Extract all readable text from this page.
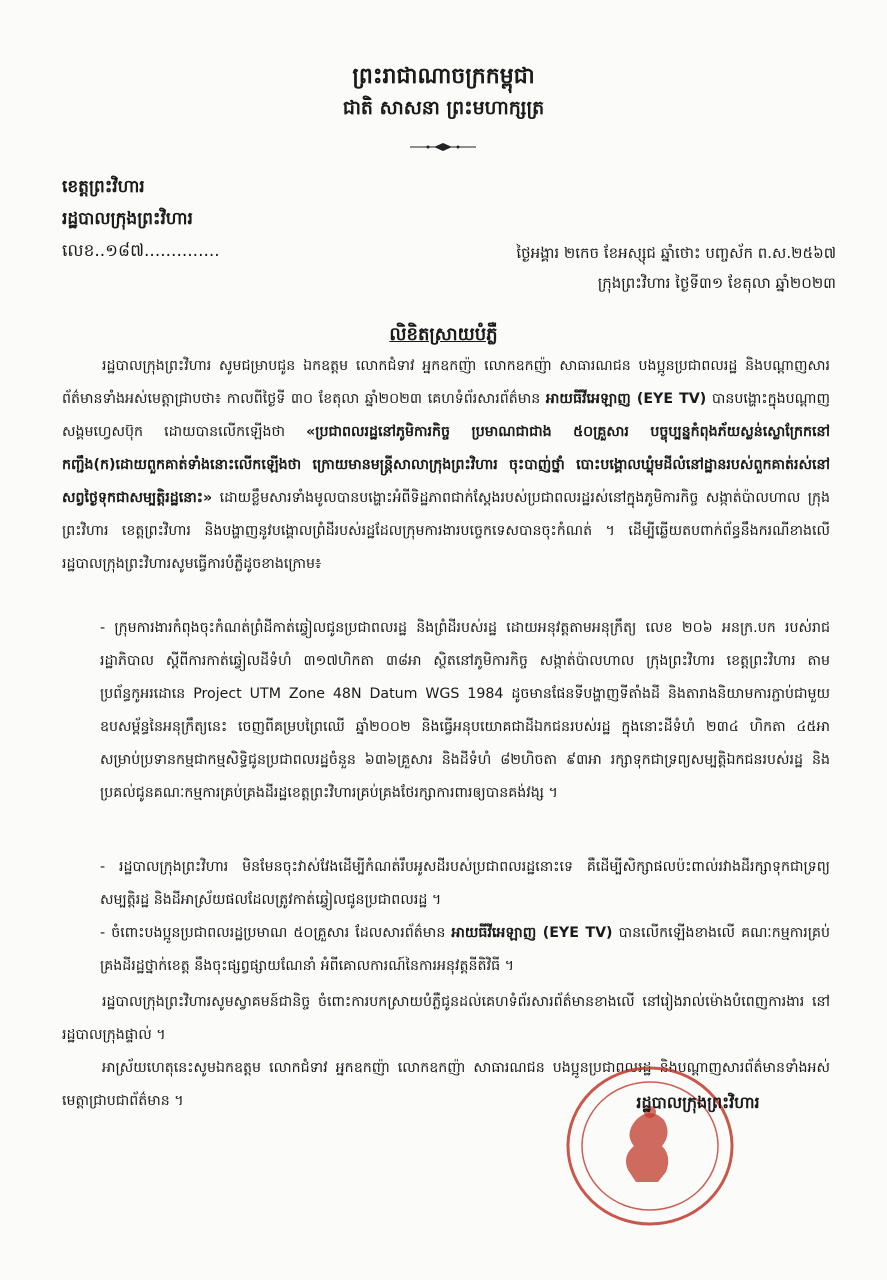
ព្រះរាជាណាចក្រកម្ពុជា
ជាតិ សាសនា ព្រះមហាក្សត្រ
ខេត្តព្រះវិហារ
រដ្ឋបាលក្រុងព្រះវិហារ
លេខ..១៨៧..............	ថ្ងៃអង្គារ ២កេច ខែអស្សុជ ឆ្នាំថោះ បញ្ចស័ក ព.ស.២៥៦៧
ក្រុងព្រះវិហារ ថ្ងៃទី៣១ ខែតុលា ឆ្នាំ២០២៣
លិខិតស្រាយបំភ្លឺ
រដ្ឋបាលក្រុងព្រះវិហារ សូមជម្រាបជូន ឯកឧត្តម លោកជំទាវ អ្នកឧកញ៉ា លោកឧកញ៉ា សាធារណជន បងប្អូនប្រជាពលរដ្ឋ និងបណ្តាញសារព័ត៌មានទាំងអស់មេត្តាជ្រាបថា៖ កាលពីថ្ងៃទី ៣០ ខែតុលា ឆ្នាំ២០២៣ គេហទំព័រសារព័ត៌មាន អាយធីវីអេឡាញ (EYE TV) បានបង្ហោះក្នុងបណ្តាញសង្គមហ្វេសប៊ុក ដោយបានលើកឡើងថា «ប្រជាពលរដ្ឋនៅភូមិការកិច្ច ប្រមាណជាជាង ៥០គ្រួសារ បច្ចុប្បន្នកំពុងភ័យស្លន់ស្លោក្រែកនៅកញ្ជឹង(ក)ដោយពួកគាត់ទាំងនោះលើកឡើងថា ក្រោយមានមន្ត្រីសាលាក្រុងព្រះវិហារ ចុះបាញ់ថ្នាំ បោះបង្គោលឃ្លុំមដីលំនៅដ្ឋានរបស់ពួកគាត់រស់នៅសព្វថ្ងៃទុកជាសម្បត្តិរដ្ឋនោះ» ដោយខ្លឹមសារទាំងមូលបានបង្ហោះអំពីទិដ្ឋភាពជាក់ស្តែងរបស់ប្រជាពលរដ្ឋរស់នៅក្នុងភូមិការកិច្ច សង្កាត់ប៉ាលហាល ក្រុងព្រះវិហារ ខេត្តព្រះវិហារ និងបង្ហាញនូវបង្គោលព្រំដីរបស់រដ្ឋដែលក្រុមការងារបច្ចេកទេសបានចុះកំណត់ ។ ដើម្បីឆ្លើយតបពាក់ព័ន្ធនឹងករណីខាងលើ រដ្ឋបាលក្រុងព្រះវិហារសូមធ្វើការបំភ្លឺដូចខាងក្រោម៖
- ក្រុមការងារកំពុងចុះកំណត់ព្រំដីកាត់ឆ្វៀលជូនប្រជាពលរដ្ឋ និងព្រំដីរបស់រដ្ឋ ដោយអនុវត្តតាមអនុក្រឹត្យ លេខ ២០៦ អនក្រ.បក របស់រាជរដ្ឋាភិបាល ស្តីពីការកាត់ឆ្វៀលដីទំហំ ៣១៧ហិកតា ៣៨អា ស្ថិតនៅភូមិការកិច្ច សង្កាត់ប៉ាលហាល ក្រុងព្រះវិហារ ខេត្តព្រះវិហារ តាមប្រព័ន្ធកូអរដោនេ Project UTM Zone 48N Datum WGS 1984 ដូចមានផែនទីបង្ហាញទីតាំងដី និងតារាងនិយាមការភ្ជាប់ជាមួយឧបសម្ព័ន្ធនៃអនុក្រឹត្យនេះ ចេញពីគម្របព្រៃឈើ ឆ្នាំ២០០២ និងធ្វើអនុបយោគជាដីឯកជនរបស់រដ្ឋ ក្នុងនោះដីទំហំ ២៣៤ ហិកតា ៤៥អា សម្រាប់ប្រទានកម្មជាកម្មសិទ្ធិជូនប្រជាពលរដ្ឋចំនួន ៦៣៦គ្រួសារ និងដីទំហំ ៨២ហិចតា ៩៣អា រក្សាទុកជាទ្រព្យសម្បត្តិឯកជនរបស់រដ្ឋ និងប្រគល់ជូនគណៈកម្មការគ្រប់គ្រងដីរដ្ឋខេត្តព្រះវិហារគ្រប់គ្រងថែរក្សាការពារឲ្យបានគង់វង្ស ។
- រដ្ឋបាលក្រុងព្រះវិហារ មិនមែនចុះវាស់វែងដើម្បីកំណត់រឹបអូសដីរបស់ប្រជាពលរដ្ឋនោះទេ គឺដើម្បីសិក្សាផលប៉ះពាល់រវាងដីរក្សាទុកជាទ្រព្យសម្បត្តិរដ្ឋ និងដីអាស្រ័យផលដែលត្រូវកាត់ឆ្វៀលជូនប្រជាពលរដ្ឋ ។
- ចំពោះបងប្អូនប្រជាពលរដ្ឋប្រមាណ ៥០គ្រួសារ ដែលសារព័ត៌មាន អាយធីវីអេឡាញ (EYE TV) បានលើកឡើងខាងលើ គណៈកម្មការគ្រប់គ្រងដីរដ្ឋថ្នាក់ខេត្ត នឹងចុះផ្សព្វផ្សាយណែនាំ អំពីគោលការណ៍នៃការអនុវត្តនីតិវិធី ។
រដ្ឋបាលក្រុងព្រះវិហារសូមស្វាគមន៍ជានិច្ច ចំពោះការបកស្រាយបំភ្លឺជូនដល់គេហទំព័រសារព័ត៌មានខាងលើ នៅរៀងរាល់ម៉ោងបំពេញការងារ នៅរដ្ឋបាលក្រុងផ្ទាល់ ។
អាស្រ័យហេតុនេះសូមឯកឧត្តម លោកជំទាវ អ្នកឧកញ៉ា លោកឧកញ៉ា សាធារណជន បងប្អូនប្រជាពលរដ្ឋ និងបណ្តាញសារព័ត៌មានទាំងអស់មេត្តាជ្រាបជាព័ត៌មាន ។	រដ្ឋបាលក្រុងព្រះវិហារ
